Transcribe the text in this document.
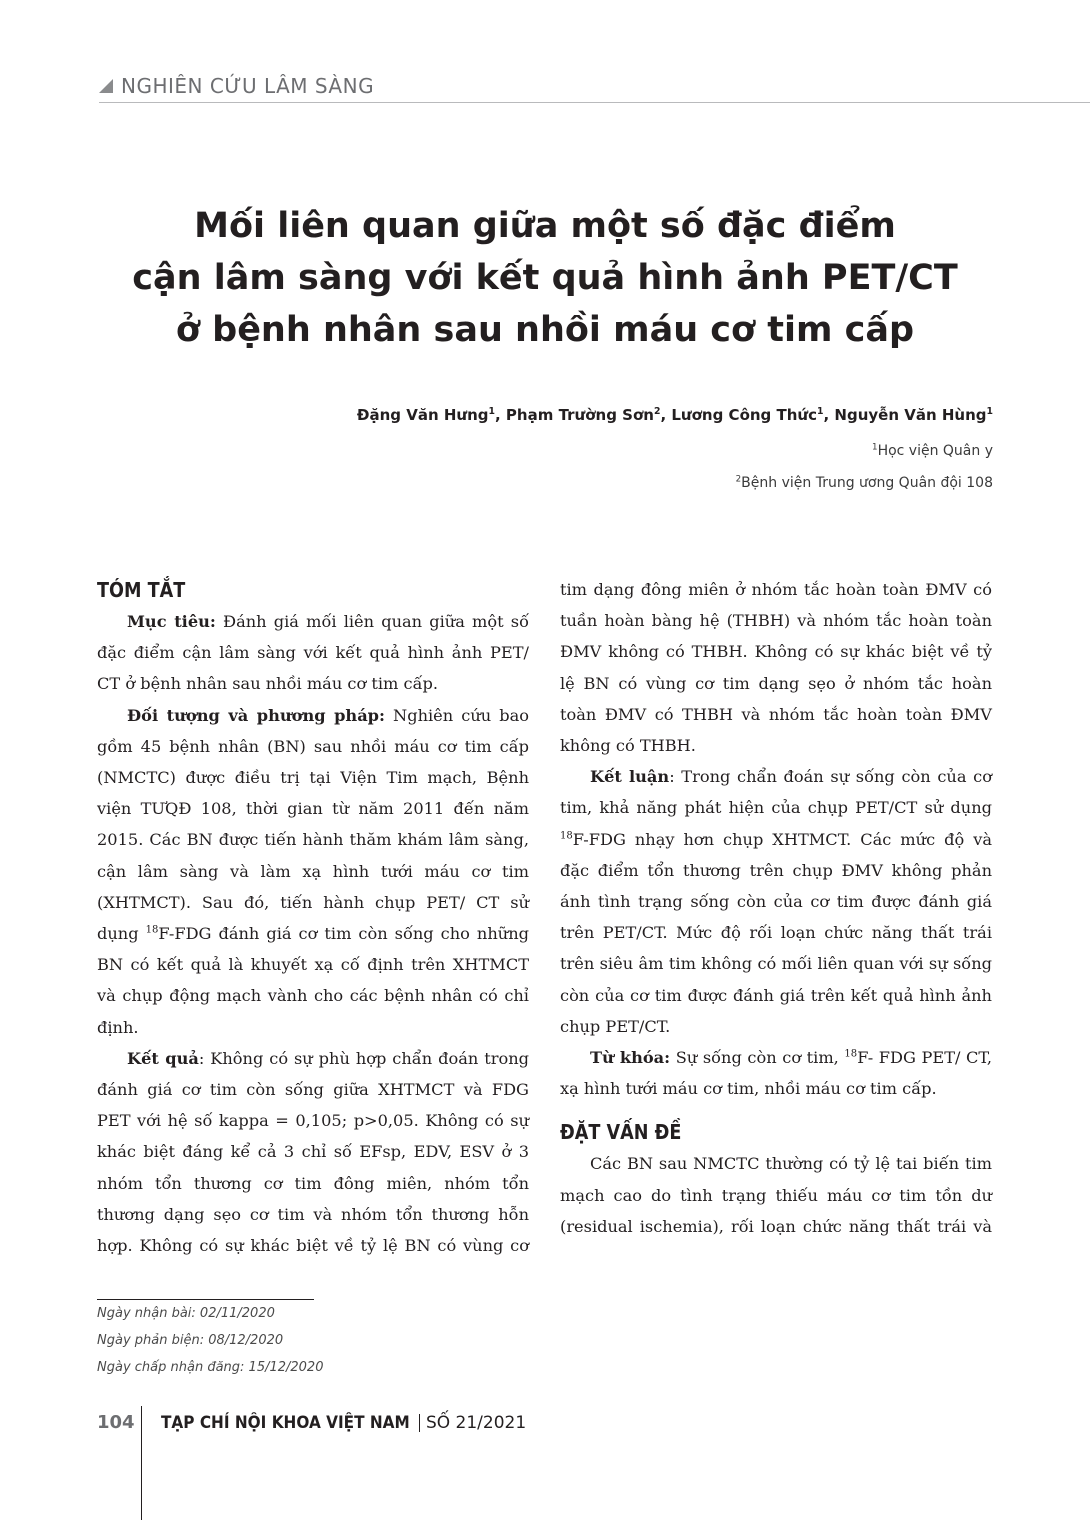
NGHIÊN CỨU LÂM SÀNG
Mối liên quan giữa một số đặc điểm
cận lâm sàng với kết quả hình ảnh PET/CT
ở bệnh nhân sau nhồi máu cơ tim cấp
Đặng Văn Hưng$^1$, Phạm Trường Sơn$^2$, Lương Công Thức$^1$, Nguyễn Văn Hùng$^1$
$^1$Học viện Quân y
$^2$Bệnh viện Trung ương Quân đội 108
TÓM TẮT

Mục tiêu: Đánh giá mối liên quan giữa một số đặc điểm cận lâm sàng với kết quả hình ảnh PET/ CT ở bệnh nhân sau nhồi máu cơ tim cấp.

Đối tượng và phương pháp: Nghiên cứu bao gồm 45 bệnh nhân (BN) sau nhồi máu cơ tim cấp (NMCTC) được điều trị tại Viện Tim mạch, Bệnh viện TƯQĐ 108, thời gian từ năm 2011 đến năm 2015. Các BN được tiến hành thăm khám lâm sàng, cận lâm sàng và làm xạ hình tưới máu cơ tim (XHTMCT). Sau đó, tiến hành chụp PET/ CT sử dụng $^{18}$F-FDG đánh giá cơ tim còn sống cho những BN có kết quả là khuyết xạ cố định trên XHTMCT và chụp động mạch vành cho các bệnh nhân có chỉ định.

Kết quả: Không có sự phù hợp chẩn đoán trong đánh giá cơ tim còn sống giữa XHTMCT và FDG PET với hệ số kappa = 0,105; p>0,05. Không có sự khác biệt đáng kể cả 3 chỉ số EFsp, EDV, ESV ở 3 nhóm tổn thương cơ tim đông miên, nhóm tổn thương dạng sẹo cơ tim và nhóm tổn thương hỗn hợp. Không có sự khác biệt về tỷ lệ BN có vùng cơ

tim dạng đông miên ở nhóm tắc hoàn toàn ĐMV có tuần hoàn bàng hệ (THBH) và nhóm tắc hoàn toàn ĐMV không có THBH. Không có sự khác biệt về tỷ lệ BN có vùng cơ tim dạng sẹo ở nhóm tắc hoàn toàn ĐMV có THBH và nhóm tắc hoàn toàn ĐMV không có THBH.

Kết luận: Trong chẩn đoán sự sống còn của cơ tim, khả năng phát hiện của chụp PET/CT sử dụng $^{18}$F-FDG nhạy hơn chụp XHTMCT. Các mức độ và đặc điểm tổn thương trên chụp ĐMV không phản ánh tình trạng sống còn của cơ tim được đánh giá trên PET/CT. Mức độ rối loạn chức năng thất trái trên siêu âm tim không có mối liên quan với sự sống còn của cơ tim được đánh giá trên kết quả hình ảnh chụp PET/CT.

Từ khóa: Sự sống còn cơ tim, $^{18}$F- FDG PET/ CT, xạ hình tưới máu cơ tim, nhồi máu cơ tim cấp.

ĐẶT VẤN ĐỀ

Các BN sau NMCTC thường có tỷ lệ tai biến tim mạch cao do tình trạng thiếu máu cơ tim tồn dư (residual ischemia), rối loạn chức năng thất trái và

Ngày nhận bài: 02/11/2020
Ngày phản biện: 08/12/2020
Ngày chấp nhận đăng: 15/12/2020
104 TẠP CHÍ NỘI KHOA VIỆT NAM SỐ 21/2021
